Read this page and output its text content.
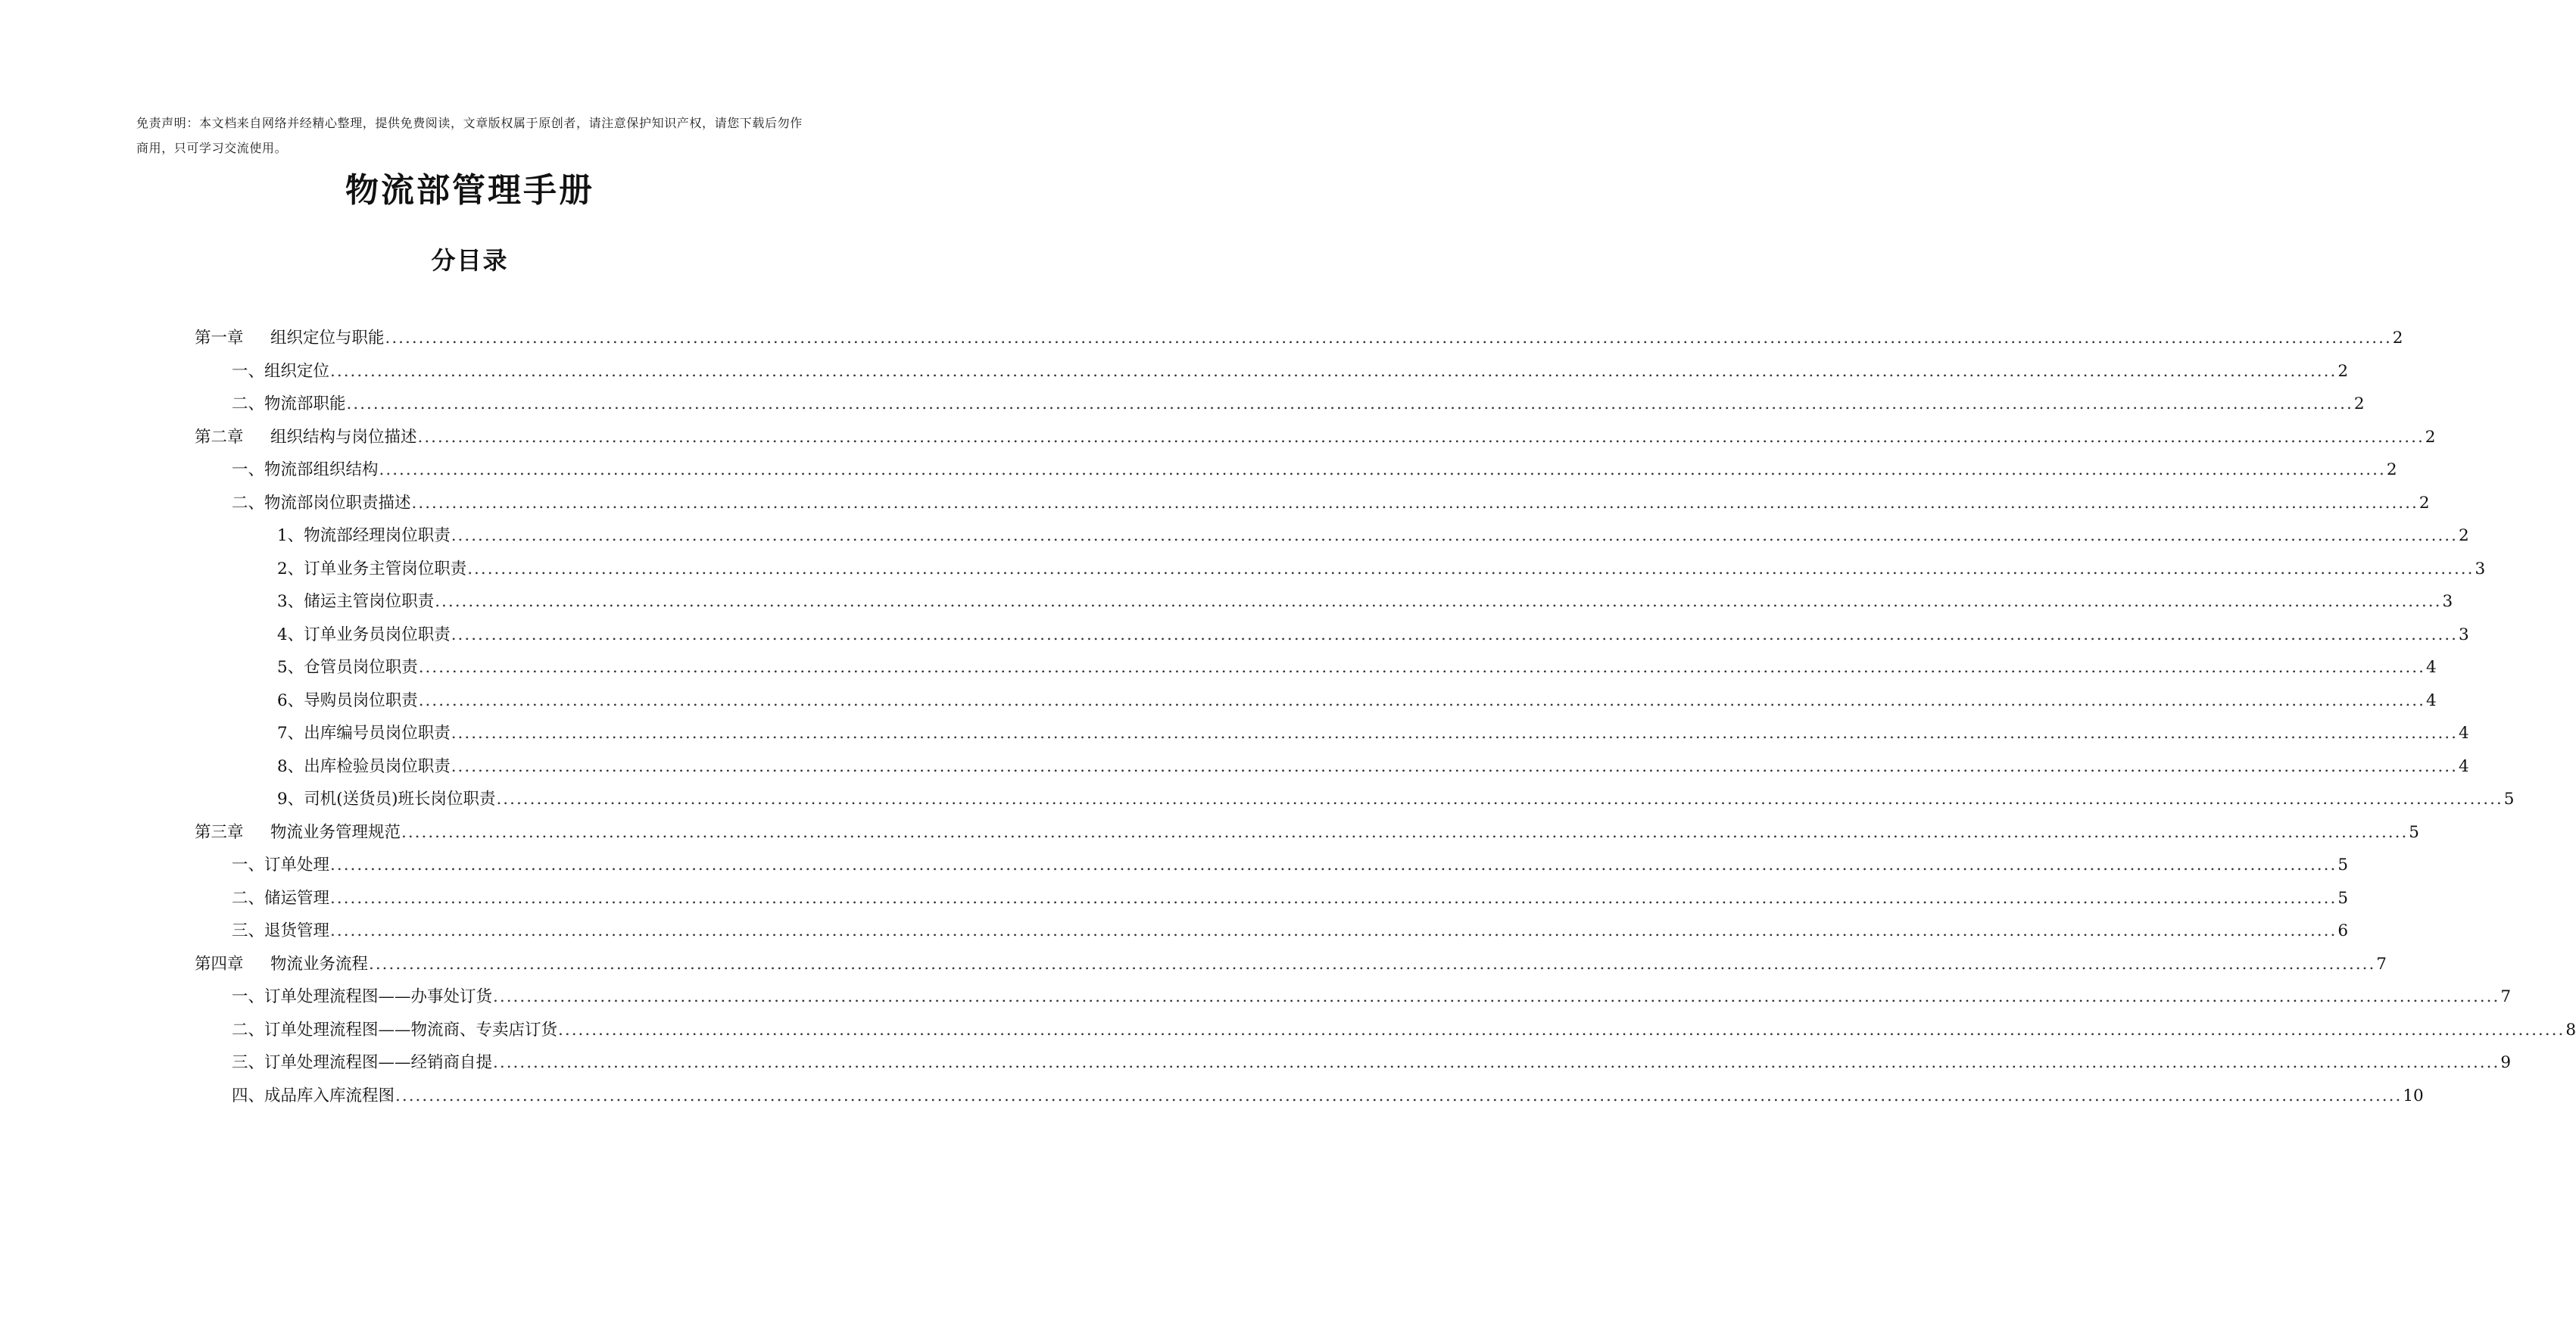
免责声明：本文档来自网络并经精心整理，提供免费阅读，文章版权属于原创者，请注意保护知识产权，请您下载后勿作商用，只可学习交流使用。
物流部管理手册
分目录
第一章	组织定位与职能 ............................................................................................................................................................................................................................................................................................................ 2
一、 组织定位 ............................................................................................................................................................................................................................................................................................................ 2
二、 物流部职能 ............................................................................................................................................................................................................................................................................................................ 2
第二章	组织结构与岗位描述 ............................................................................................................................................................................................................................................................................................................ 2
一、 物流部组织结构 ............................................................................................................................................................................................................................................................................................................ 2
二、 物流部岗位职责描述 ............................................................................................................................................................................................................................................................................................................ 2
1、 物流部经理岗位职责 ............................................................................................................................................................................................................................................................................................................ 2
2、 订单业务主管岗位职责 ............................................................................................................................................................................................................................................................................................................ 3
3、 储运主管岗位职责 ............................................................................................................................................................................................................................................................................................................ 3
4、 订单业务员岗位职责 ............................................................................................................................................................................................................................................................................................................ 3
5、 仓管员岗位职责 ............................................................................................................................................................................................................................................................................................................ 4
6、 导购员岗位职责 ............................................................................................................................................................................................................................................................................................................ 4
7、 出库编号员岗位职责 ............................................................................................................................................................................................................................................................................................................ 4
8、 出库检验员岗位职责 ............................................................................................................................................................................................................................................................................................................ 4
9、 司机(送货员)班长岗位职责 ............................................................................................................................................................................................................................................................................................................ 5
第三章	物流业务管理规范 ............................................................................................................................................................................................................................................................................................................ 5
一、 订单处理 ............................................................................................................................................................................................................................................................................................................ 5
二、 储运管理 ............................................................................................................................................................................................................................................................................................................ 5
三、 退货管理 ............................................................................................................................................................................................................................................................................................................ 6
第四章	物流业务流程 ............................................................................................................................................................................................................................................................................................................ 7
一、 订单处理流程图——办事处订货 ............................................................................................................................................................................................................................................................................................................ 7
二、 订单处理流程图——物流商、专卖店订货 ............................................................................................................................................................................................................................................................................................................ 8
三、 订单处理流程图——经销商自提 ............................................................................................................................................................................................................................................................................................................ 9
四、 成品库入库流程图 ............................................................................................................................................................................................................................................................................................................ 10
